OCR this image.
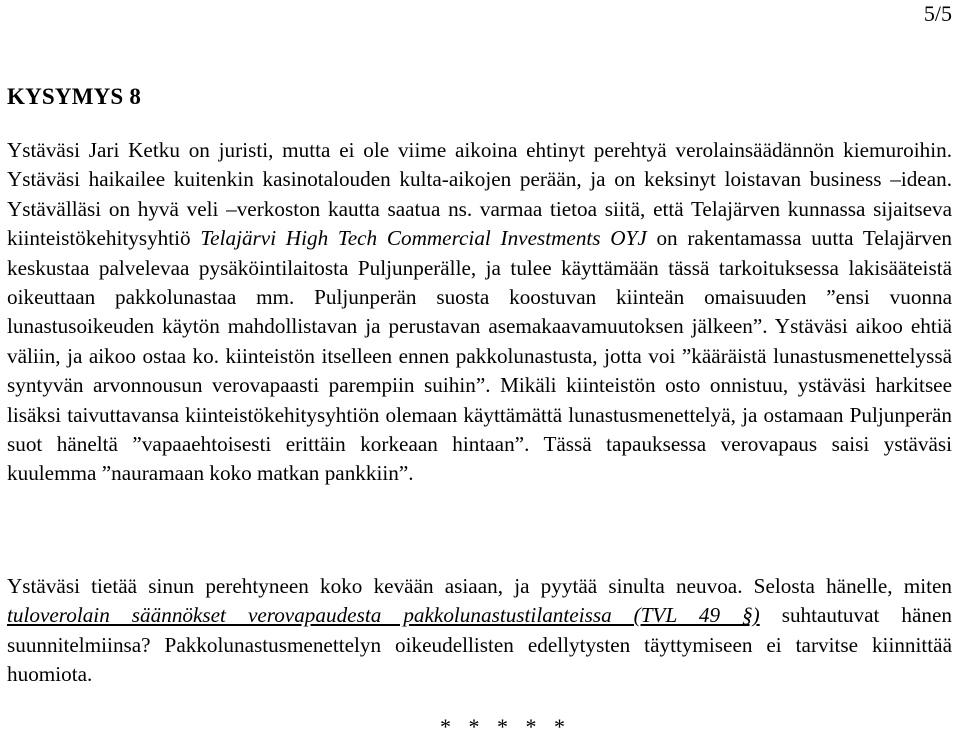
5/5
KYSYMYS 8

Ystäväsi Jari Ketku on juristi, mutta ei ole viime aikoina ehtinyt perehtyä verolainsäädännön kiemuroihin. Ystäväsi haikailee kuitenkin kasinotalouden kulta-aikojen perään, ja on keksinyt loistavan business –idean. Ystävälläsi on hyvä veli –verkoston kautta saatua ns. varmaa tietoa siitä, että Telajärven kunnassa sijaitseva kiinteistökehitysyhtiö Telajärvi High Tech Commercial Investments OYJ on rakentamassa uutta Telajärven keskustaa palvelevaa pysäköintilaitosta Puljunperälle, ja tulee käyttämään tässä tarkoituksessa lakisääteistä oikeuttaan pakkolunastaa mm. Puljunperän suosta koostuvan kiinteän omaisuuden ”ensi vuonna lunastusoikeuden käytön mahdollistavan ja perustavan asemakaavamuutoksen jälkeen”. Ystäväsi aikoo ehtiä väliin, ja aikoo ostaa ko. kiinteistön itselleen ennen pakkolunastusta, jotta voi ”kääräistä lunastusmenettelyssä syntyvän arvonnousun verovapaasti parempiin suihin”. Mikäli kiinteistön osto onnistuu, ystäväsi harkitsee lisäksi taivuttavansa kiinteistökehitysyhtiön olemaan käyttämättä lunastusmenettelyä, ja ostamaan Puljunperän suot häneltä ”vapaaehtoisesti erittäin korkeaan hintaan”. Tässä tapauksessa verovapaus saisi ystäväsi kuulemma ”nauramaan koko matkan pankkiin”.

Ystäväsi tietää sinun perehtyneen koko kevään asiaan, ja pyytää sinulta neuvoa. Selosta hänelle, miten tuloverolain säännökset verovapaudesta pakkolunastustilanteissa (TVL 49 §) suhtautuvat hänen suunnitelmiinsa? Pakkolunastusmenettelyn oikeudellisten edellytysten täyttymiseen ei tarvitse kiinnittää huomiota.

* * * * *
